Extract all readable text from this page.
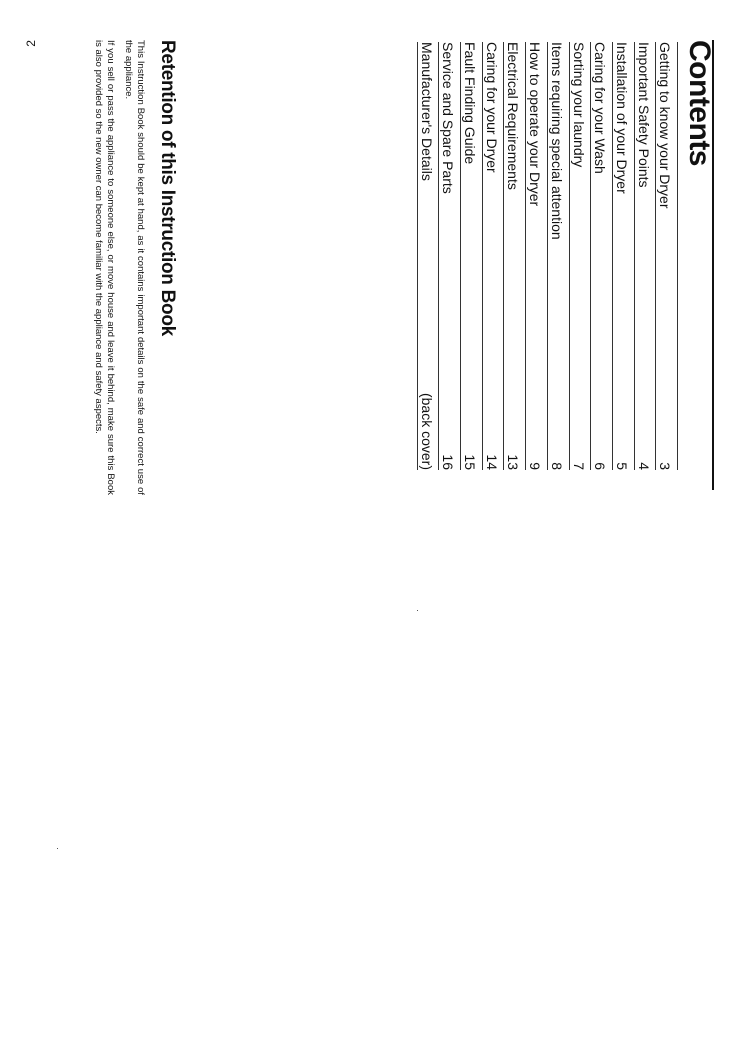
2	Contents
Getting to know your Dryer
3
Important Safety Points
4
Installation of your Dryer
5
Caring for your Wash
6
Sorting your laundry
7
Items requiring special attention
8
How to operate your Dryer
9
Electrical Requirements
13
Caring for your Dryer
14
Fault Finding Guide
15
Service and Spare Parts
16
Manufacturer's Details
(back cover)
Retention of this Instruction Book

This Instruction Book should be kept at hand, as it contains important details on the safe and correct use of the appliance.

If you sell or pass the appliance to someone else, or move house and leave it behind, make sure this Book is also provided so the new owner can become familiar with the appliance and safety aspects.
